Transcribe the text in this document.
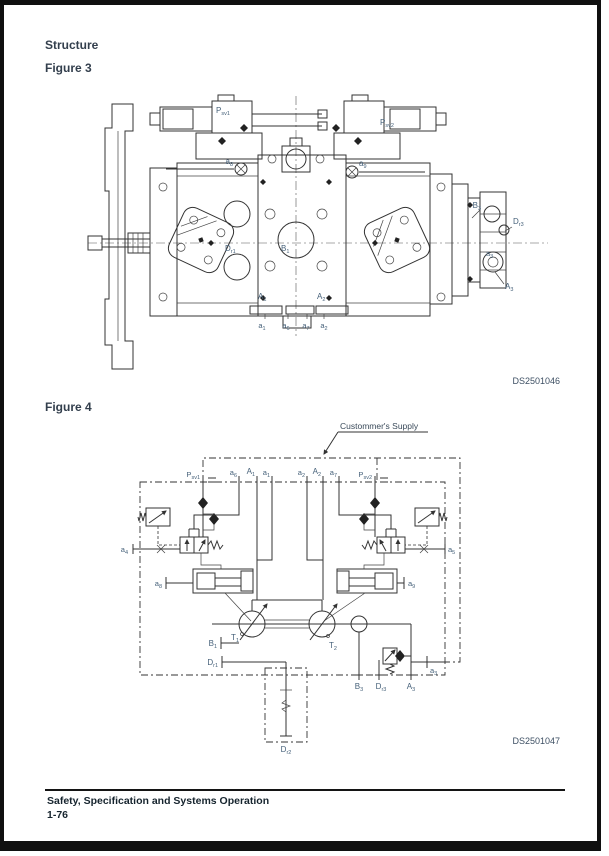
Structure
Figure 3
$P_{sv1}$
$P_{sv2}$
$a_8$	$a_9$
$D_{r1}$	$B_1$
$B_3$
$D_{r3}$
$a_3$
$A_3$
$A_1$	$A_2$
$a_1$ $a_6$ $a_7$ $a_2$
DS2501046
Figure 4
Custommer's Supply
$P_{sv1}$
$a_6$ $A_1$ $a_1$	$a_2$ $A_2$ $a_7$	$P_{sv2}$
$a_4$
$a_8$
$a_5$
$a_9$
$B_1$
$T_1$	$T_2$
$D_{r1}$
$B_3$ $D_{r3}$	$A_3$
$a_3$
$D_{r2}$
DS2501047
Safety, Specification and Systems Operation
1-76
